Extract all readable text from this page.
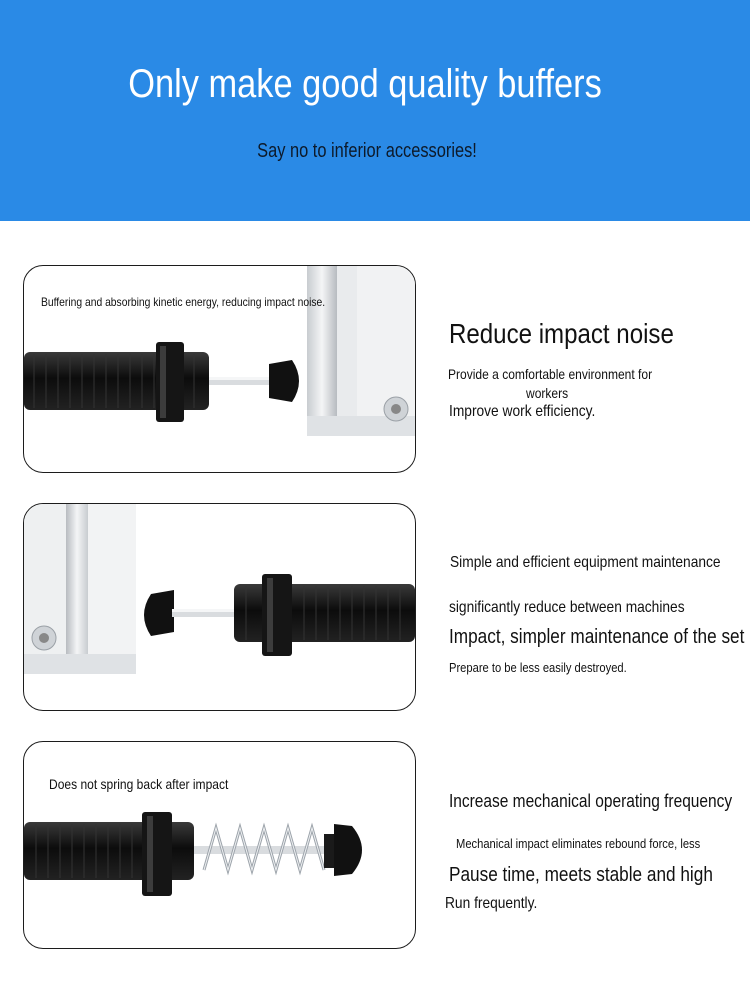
Only make good quality buffers
Say no to inferior accessories!
Buffering and absorbing kinetic energy, reducing impact noise.
Does not spring back after impact
Reduce impact noise
Provide a comfortable environment for
workers
Improve work efficiency.
Simple and efficient equipment maintenance
significantly reduce between machines
Impact, simpler maintenance of the set
Prepare to be less easily destroyed.
Increase mechanical operating frequency
Mechanical impact eliminates rebound force, less
Pause time, meets stable and high
Run frequently.
